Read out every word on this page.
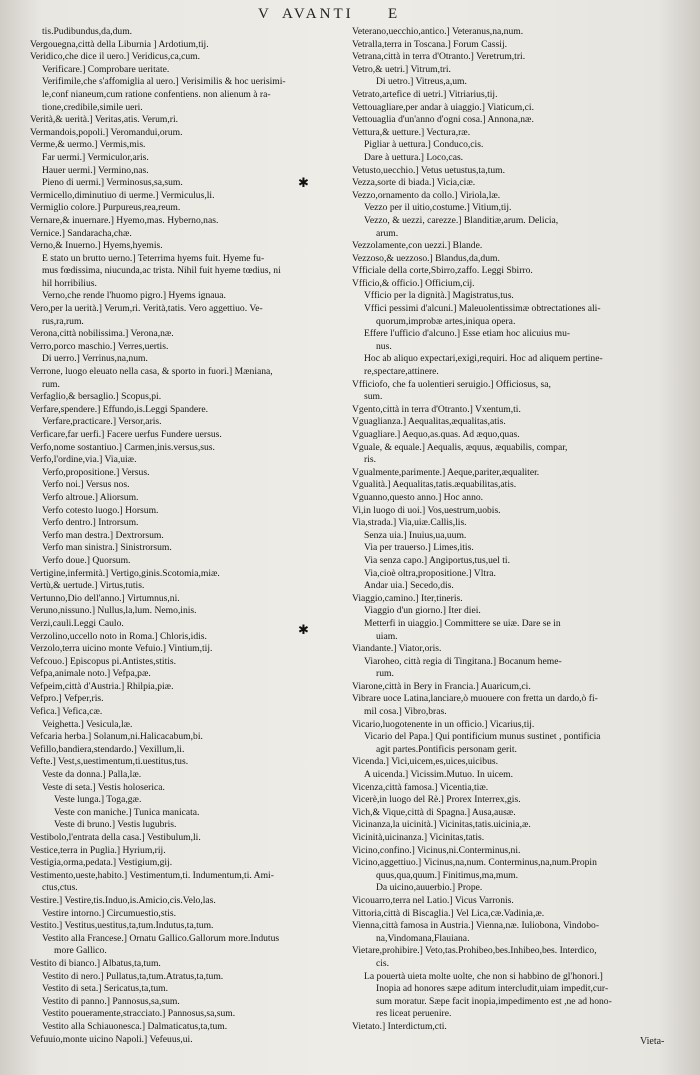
V AVANTI E
tis.Pudibundus,da,dum.
Vergouegna,città della Liburnia ] Ardotium,tij.
Veridico,che dice il uero.] Veridicus,ca,cum.
Verificare.] Comprobare ueritate.
Verifimile,che s'affomiglia al uero.] Verisimilis & hoc uerisimi-
le,conf nianeum,cum ratione confentiens. non alienum à ra-
tione,credibile,simile ueri.
Verità,& uerità.] Veritas,atis. Verum,ri.
Vermandois,popoli.] Veromandui,orum.
Verme,& uermo.] Vermis,mis.
Far uermi.] Vermiculor,aris.
Hauer uermi.] Vermino,nas.
Pieno di uermi.] Verminosus,sa,sum.
Vermicello,diminutiuo di uerme.] Vermiculus,li.
Vermiglio colore.] Purpureus,rea,reum.
Vernare,& inuernare.] Hyemo,mas. Hyberno,nas.
Vernice.] Sandaracha,chæ.
Verno,& Inuerno.] Hyems,hyemis.
E stato un brutto uerno.] Teterrima hyems fuit. Hyeme fu-
mus fœdissima, niucunda,ac trista. Nihil fuit hyeme tœdius, ni
hil horribilius.
Verno,che rende l'huomo pigro.] Hyems ignaua.
Vero,per la uerità.] Verum,ri. Verità,tatis. Vero aggettiuo. Ve-
rus,ra,rum.
Verona,città nobilissima.] Verona,næ.
Verro,porco maschio.] Verres,uertis.
Di uerro.] Verrinus,na,num.
Verrone, luogo eleuato nella casa, & sporto in fuori.] Mæniana,
rum.
Verfaglio,& bersaglio.] Scopus,pi.
Verfare,spendere.] Effundo,is.Leggi Spandere.
Verfare,practicare.] Versor,aris.
Verficare,far uerfi.] Facere uerfus Fundere uersus.
Verfo,nome sostantiuo.] Carmen,inis.versus,sus.
Verfo,l'ordine,via.] Via,uiæ.
Verfo,propositione.] Versus.
Verfo noi.] Versus nos.
Verfo altroue.] Aliorsum.
Verfo cotesto luogo.] Horsum.
Verfo dentro.] Introrsum.
Verfo man destra.] Dextrorsum.
Verfo man sinistra.] Sinistrorsum.
Verfo doue.] Quorsum.
Vertigine,infermità.] Vertigo,ginis.Scotomia,miæ.
Vertù,& uertude.] Virtus,tutis.
Vertunno,Dio dell'anno.] Virtumnus,ni.
Veruno,nissuno.] Nullus,la,lum. Nemo,inis.
Verzi,cauli.Leggi Caulo.
Verzolino,uccello noto in Roma.] Chloris,idis.
Verzolo,terra uicino monte Vefuio.] Vintium,tij.
Vefcouo.] Episcopus pi.Antistes,stitis.
Vefpa,animale noto.] Vefpa,pæ.
Vefpeim,città d'Austria.] Rhilpia,piæ.
Vefpro.] Vefper,ris.
Vefica.] Vefica,cæ.
Veighetta.] Vesicula,læ.
Vefcaria herba.] Solanum,ni.Halicacabum,bi.
Vefillo,bandiera,stendardo.] Vexillum,li.
Vefte.] Vest,s,uestimentum,ti.uestitus,tus.
Veste da donna.] Palla,læ.
Veste di seta.] Vestis holoserica.
Veste lunga.] Toga,gæ.
Veste con maniche.] Tunica manicata.
Veste di bruno.] Vestis lugubris.
Vestibolo,l'entrata della casa.] Vestibulum,li.
Vestice,terra in Puglia.] Hyrium,rij.
Vestigia,orma,pedata.] Vestigium,gij.
Vestimento,ueste,habito.] Vestimentum,ti. Indumentum,ti. Ami-
ctus,ctus.
Vestire.] Vestire,tis.Induo,is.Amicio,cis.Velo,las.
Vestire intorno.] Circumuestio,stis.
Vestito.] Vestitus,uestitus,ta,tum.Indutus,ta,tum.
Vestito alla Francese.] Ornatu Gallico.Gallorum more.Indutus
more Gallico.
Vestito di bianco.] Albatus,ta,tum.
Vestito di nero.] Pullatus,ta,tum.Atratus,ta,tum.
Vestito di seta.] Sericatus,ta,tum.
Vestito di panno.] Pannosus,sa,sum.
Vestito poueramente,stracciato.] Pannosus,sa,sum.
Vestito alla Schiauonesca.] Dalmaticatus,ta,tum.
Vefuuio,monte uicino Napoli.] Vefeuus,ui.
Veterano,uecchio,antico.] Veteranus,na,num.
Vetralla,terra in Toscana.] Forum Cassij.
Vetrana,città in terra d'Otranto.] Veretrum,tri.
Vetro,& uetri.] Vitrum,tri.
Di uetro.] Vitreus,a,um.
Vetrato,artefice di uetri.] Vitriarius,tij.
Vettouagliare,per andar à uiaggio.] Viaticum,ci.
Vettouaglia d'un'anno d'ogni cosa.] Annona,næ.
Vettura,& uetture.] Vectura,ræ.
Pigliar à uettura.] Conduco,cis.
Dare à uettura.] Loco,cas.
Vetusto,uecchio.] Vetus uetustus,ta,tum.
Vezza,sorte di biada.] Vicia,ciæ.
Vezzo,ornamento da collo.] Viriola,læ.
Vezzo per il uitio,costume.] Vitium,tij.
Vezzo, & uezzi, carezze.] Blanditiæ,arum. Delicia,
arum.
Vezzolamente,con uezzi.] Blande.
Vezzoso,& uezzoso.] Blandus,da,dum.
Vfficiale della corte,Sbirro,zaffo. Leggi Sbirro.
Vfficio,& officio.] Officium,cij.
Vfficio per la dignità.] Magistratus,tus.
Vffici pessimi d'alcuni.] Maleuolentissimæ obtrectationes ali-
quorum,improbæ artes,iniqua opera.
Effere l'ufficio d'alcuno.] Esse etiam hoc alicuius mu-
nus.
Hoc ab aliquo expectari,exigi,requiri. Hoc ad aliquem pertine-
re,spectare,attinere.
Vfficiofo, che fa uolentieri seruigio.] Officiosus, sa,
sum.
Vgento,città in terra d'Otranto.] Vxentum,ti.
Vguaglianza.] Aequalitas,æqualitas,atis.
Vguagliare.] Aequo,as.quas. Ad æquo,quas.
Vguale, & equale.] Aequalis, æquus, æquabilis, compar,
ris.
Vgualmente,parimente.] Aeque,pariter,æqualiter.
Vgualità.] Aequalitas,tatis.æquabilitas,atis.
Vguanno,questo anno.] Hoc anno.
Vi,in luogo di uoi.] Vos,uestrum,uobis.
Via,strada.] Via,uiæ.Callis,lis.
Senza uia.] Inuius,ua,uum.
Via per trauerso.] Limes,itis.
Via senza capo.] Angiportus,tus,uel ti.
Via,cioè oltra,propositione.] Vltra.
Andar uia.] Secedo,dis.
Viaggio,camino.] Iter,tineris.
Viaggio d'un giorno.] Iter diei.
Metterfi in uiaggio.] Committere se uiæ. Dare se in
uiam.
Viandante.] Viator,oris.
Viaroheo, città regia di Tingitana.] Bocanum heme-
rum.
Viarone,città in Bery in Francia.] Auaricum,ci.
Vibrare uoce Latina,lanciare,ò muouere con fretta un dardo,ò fi-
mil cosa.] Vibro,bras.
Vicario,luogotenente in un officio.] Vicarius,tij.
Vicario del Papa.] Qui pontificium munus sustinet , pontificia
agit partes.Pontificis personam gerit.
Vicenda.] Vici,uicem,es,uices,uicibus.
A uicenda.] Vicissim.Mutuo. In uicem.
Vicenza,città famosa.] Vicentia,tiæ.
Vicerè,in luogo del Rè.] Prorex Interrex,gis.
Vich,& Vique,città di Spagna.] Ausa,ausæ.
Vicinanza,la uicinità.] Vicinitas,tatis.uicinia,æ.
Vicinità,uicinanza.] Vicinitas,tatis.
Vicino,confino.] Vicinus,ni.Conterminus,ni.
Vicino,aggettiuo.] Vicinus,na,num. Conterminus,na,num.Propin
quus,qua,quum.] Finitimus,ma,mum.
Da uicino,auuerbio.] Prope.
Vicouarro,terra nel Latio.] Vicus Varronis.
Vittoria,città di Biscaglia.] Vel Lica,cæ.Vadinia,æ.
Vienna,città famosa in Austria.] Vienna,næ. Iuliobona, Vindobo-
na,Vindomana,Flauiana.
Vietare,prohibire.] Veto,tas.Prohibeo,bes.Inhibeo,bes. Interdico,
cis.
La pouertà uieta molte uolte, che non si habbino de gl'honori.]
Inopia ad honores sæpe aditum intercludit,uiam impedit,cur-
sum moratur. Sæpe facit inopia,impedimento est ,ne ad hono-
res liceat peruenire.
Vietato.] Interdictum,cti.
✱
✱
Vieta-
